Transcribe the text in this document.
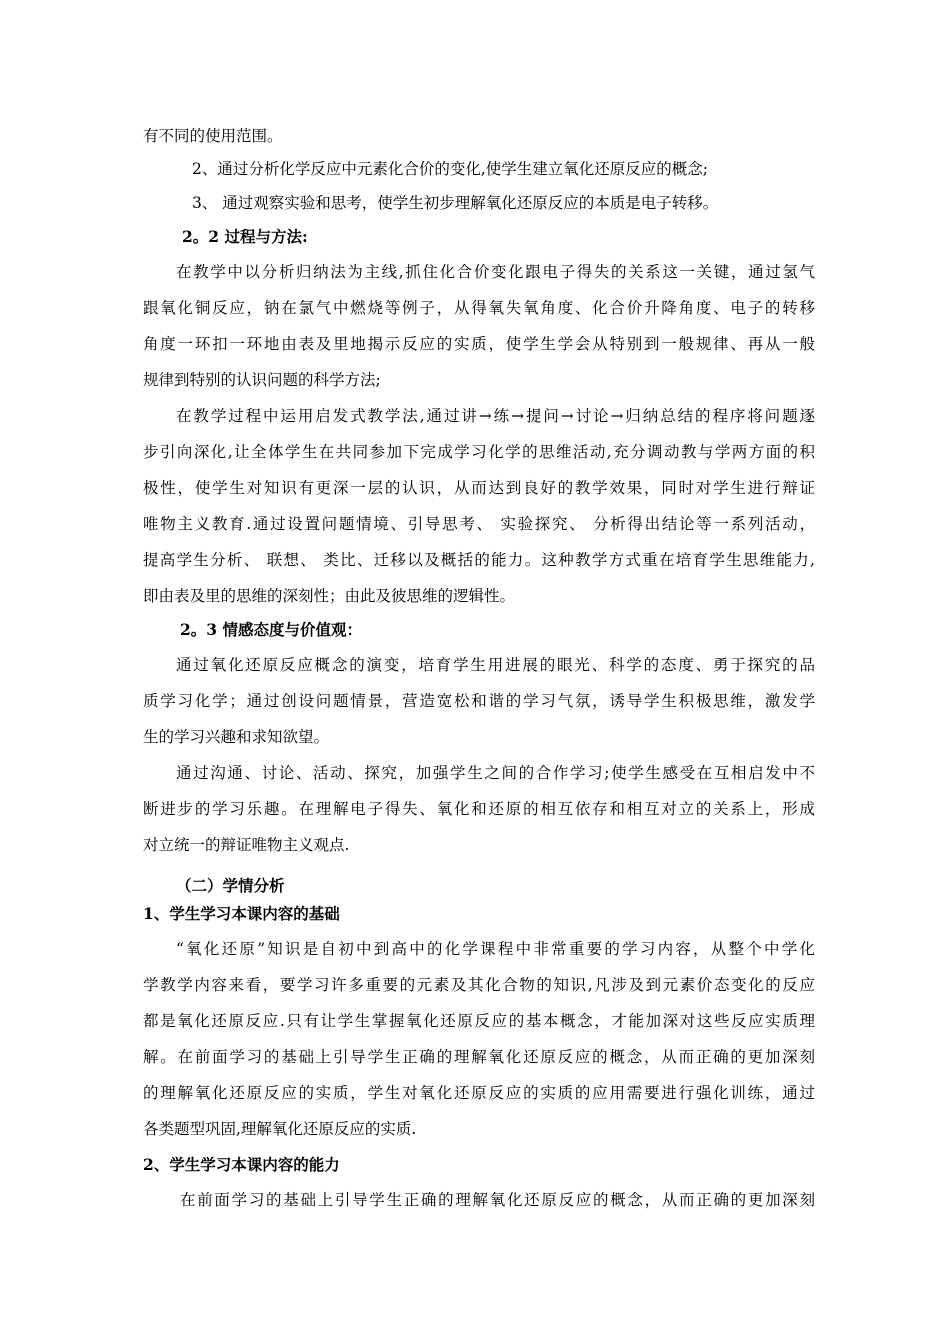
有不同的使用范围。
2、通过分析化学反应中元素化合价的变化,使学生建立氧化还原反应的概念;
3、 通过观察实验和思考，使学生初步理解氧化还原反应的本质是电子转移。
2。2 过程与方法:
在教学中以分析归纳法为主线,抓住化合价变化跟电子得失的关系这一关键，通过氢气
跟氧化铜反应，钠在氯气中燃烧等例子，从得氧失氧角度、化合价升降角度、电子的转移
角度一环扣一环地由表及里地揭示反应的实质，使学生学会从特别到一般规律、再从一般
规律到特别的认识问题的科学方法;
在教学过程中运用启发式教学法,通过讲→练→提问→讨论→归纳总结的程序将问题逐
步引向深化,让全体学生在共同参加下完成学习化学的思维活动,充分调动教与学两方面的积
极性，使学生对知识有更深一层的认识，从而达到良好的教学效果，同时对学生进行辩证
唯物主义教育.通过设置问题情境、引导思考、 实验探究、 分析得出结论等一系列活动，
提高学生分析、 联想、 类比、迁移以及概括的能力。这种教学方式重在培育学生思维能力,
即由表及里的思维的深刻性；由此及彼思维的逻辑性。
2。3 情感态度与价值观：
通过氧化还原反应概念的演变，培育学生用进展的眼光、科学的态度、勇于探究的品
质学习化学；通过创设问题情景，营造宽松和谐的学习气氛，诱导学生积极思维，激发学
生的学习兴趣和求知欲望。
通过沟通、讨论、活动、探究，加强学生之间的合作学习;使学生感受在互相启发中不
断进步的学习乐趣。在理解电子得失、氧化和还原的相互依存和相互对立的关系上，形成
对立统一的辩证唯物主义观点.
（二）学情分析
1、学生学习本课内容的基础
“氧化还原”知识是自初中到高中的化学课程中非常重要的学习内容，从整个中学化
学教学内容来看，要学习许多重要的元素及其化合物的知识,凡涉及到元素价态变化的反应
都是氧化还原反应.只有让学生掌握氧化还原反应的基本概念，才能加深对这些反应实质理
解。在前面学习的基础上引导学生正确的理解氧化还原反应的概念，从而正确的更加深刻
的理解氧化还原反应的实质，学生对氧化还原反应的实质的应用需要进行强化训练，通过
各类题型巩固,理解氧化还原反应的实质.
2、学生学习本课内容的能力
在前面学习的基础上引导学生正确的理解氧化还原反应的概念，从而正确的更加深刻
